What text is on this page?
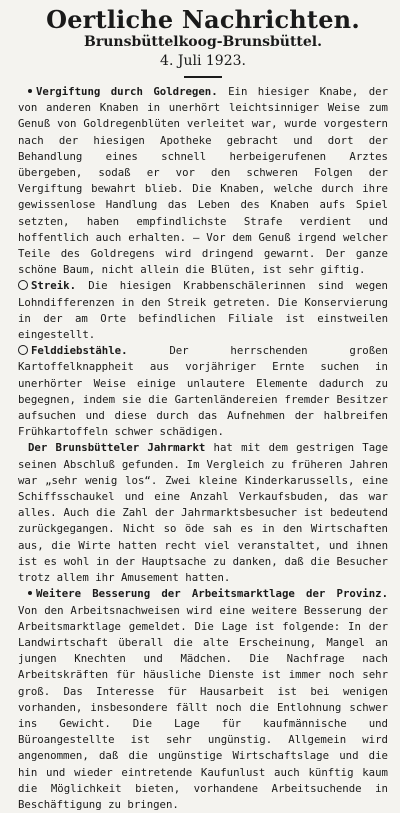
Oertliche Nachrichten.
Brunsbüttelkoog-Brunsbüttel.
4. Juli 1923.

Vergiftung durch Goldregen. Ein hiesiger Knabe, der von anderen Knaben in unerhört leichtsinniger Weise zum Genuß von Goldregenblüten verleitet war, wurde vorgestern nach der hiesigen Apotheke gebracht und dort der Behandlung eines schnell herbeigerufenen Arztes übergeben, sodaß er vor den schweren Folgen der Vergiftung bewahrt blieb. Die Knaben, welche durch ihre gewissenlose Handlung das Leben des Knaben aufs Spiel setzten, haben empfindlichste Strafe verdient und hoffentlich auch erhalten. — Vor dem Genuß irgend welcher Teile des Goldregens wird dringend gewarnt. Der ganze schöne Baum, nicht allein die Blüten, ist sehr giftig.

Streik. Die hiesigen Krabbenschälerinnen sind wegen Lohndifferenzen in den Streik getreten. Die Konservierung in der am Orte befindlichen Filiale ist einstweilen eingestellt.

Felddiebstähle.	Der herrschenden großen Kartoffelknappheit aus vorjähriger Ernte suchen in unerhörter Weise einige unlautere Elemente dadurch zu begegnen, indem sie die Gartenländereien fremder Besitzer aufsuchen und diese durch das Aufnehmen der halbreifen Frühkartoffeln schwer schädigen.

Der Brunsbütteler Jahrmarkt hat mit dem gestrigen Tage seinen Abschluß gefunden. Im Vergleich zu früheren Jahren war „sehr wenig los“. Zwei kleine Kinderkarussells, eine Schiffsschaukel und eine Anzahl Verkaufsbuden, das war alles. Auch die Zahl der Jahrmarktsbesucher ist bedeutend zurückgegangen. Nicht so öde sah es in den Wirtschaften aus, die Wirte hatten recht viel veranstaltet, und ihnen ist es wohl in der Hauptsache zu danken, daß die Besucher trotz allem ihr Amusement hatten.

Weitere Besserung der Arbeitsmarktlage der Provinz. Von den Arbeitsnachweisen wird eine weitere Besserung der Arbeitsmarktlage gemeldet. Die Lage ist folgende: In der Landwirtschaft überall die alte Erscheinung, Mangel an jungen Knechten und Mädchen. Die Nachfrage nach Arbeitskräften für häusliche Dienste ist immer noch sehr groß. Das Interesse für Hausarbeit ist bei wenigen vorhanden, insbesondere fällt noch die Entlohnung schwer ins Gewicht. Die Lage für kaufmännische und Büroangestellte ist sehr ungünstig. Allgemein wird angenommen, daß die ungünstige Wirtschaftslage und die hin und wieder eintretende Kaufunlust auch künftig kaum die Möglichkeit bieten, vorhandene Arbeitsuchende in Beschäftigung zu bringen.
